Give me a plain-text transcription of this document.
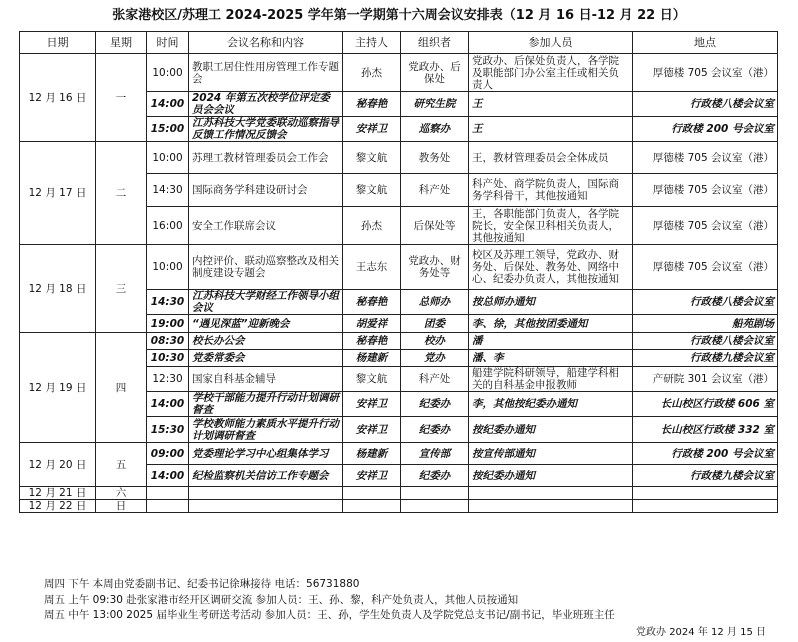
张家港校区/苏理工 2024-2025 学年第一学期第十六周会议安排表（12 月 16 日-12 月 22 日）
日期	星期	时间	会议名称和内容	主持人	组织者	参加人员	地点
12 月 16 日	一	10:00	教职工居住性用房管理工作专题会	孙杰	党政办、后保处	党政办、后保处负责人，各学院及职能部门办公室主任或相关负责人	厚德楼 705 会议室（港）
		14:00	2024 年第五次校学位评定委员会会议	秘春艳	研究生院	王	行政楼八楼会议室
		15:00	江苏科技大学党委联动巡察指导反馈工作情况反馈会	安祥卫	巡察办	王	行政楼 200 号会议室
12 月 17 日	二	10:00	苏理工教材管理委员会工作会	黎文航	教务处	王，教材管理委员会全体成员	厚德楼 705 会议室（港）
		14:30	国际商务学科建设研讨会	黎文航	科产处	科产处、商学院负责人，国际商务学科骨干，其他按通知	厚德楼 705 会议室（港）
		16:00	安全工作联席会议	孙杰	后保处等	王，各职能部门负责人，各学院院长，安全保卫科相关负责人，其他按通知	厚德楼 705 会议室（港）
12 月 18 日	三	10:00	内控评价、联动巡察整改及相关制度建设专题会	王志东	党政办、财务处等	校区及苏理工领导，党政办、财务处、后保处、教务处、网络中心、纪委办负责人，其他按通知	厚德楼 705 会议室（港）
		14:30	江苏科技大学财经工作领导小组会议	秘春艳	总师办	按总师办通知	行政楼八楼会议室
		19:00	“遇见深蓝”迎新晚会	胡爱祥	团委	李、徐，其他按团委通知	船苑剧场
12 月 19 日	四	08:30	校长办公会	秘春艳	校办	潘	行政楼八楼会议室
		10:30	党委常委会	杨建新	党办	潘、李	行政楼九楼会议室
		12:30	国家自科基金辅导	黎文航	科产处	船建学院科研领导，船建学科相关的自科基金申报教师	产研院 301 会议室（港）
		14:00	学校干部能力提升行动计划调研督查	安祥卫	纪委办	李，其他按纪委办通知	长山校区行政楼 606 室
		15:30	学校教师能力素质水平提升行动计划调研督查	安祥卫	纪委办	按纪委办通知	长山校区行政楼 332 室
12 月 20 日	五	09:00	党委理论学习中心组集体学习	杨建新	宣传部	按宣传部通知	行政楼 200 号会议室
		14:00	纪检监察机关信访工作专题会	安祥卫	纪委办	按纪委办通知	行政楼九楼会议室
12 月 21 日	六						
12 月 22 日	日						
周四 下午 本周由党委副书记、纪委书记徐琳接待 电话：56731880
周五 上午 09:30 赴张家港市经开区调研交流 参加人员：王、孙、黎，科产处负责人，其他人员按通知
周五 中午 13:00 2025 届毕业生考研送考活动 参加人员：王、孙，学生处负责人及学院党总支书记/副书记，毕业班班主任
党政办 2024 年 12 月 15 日
